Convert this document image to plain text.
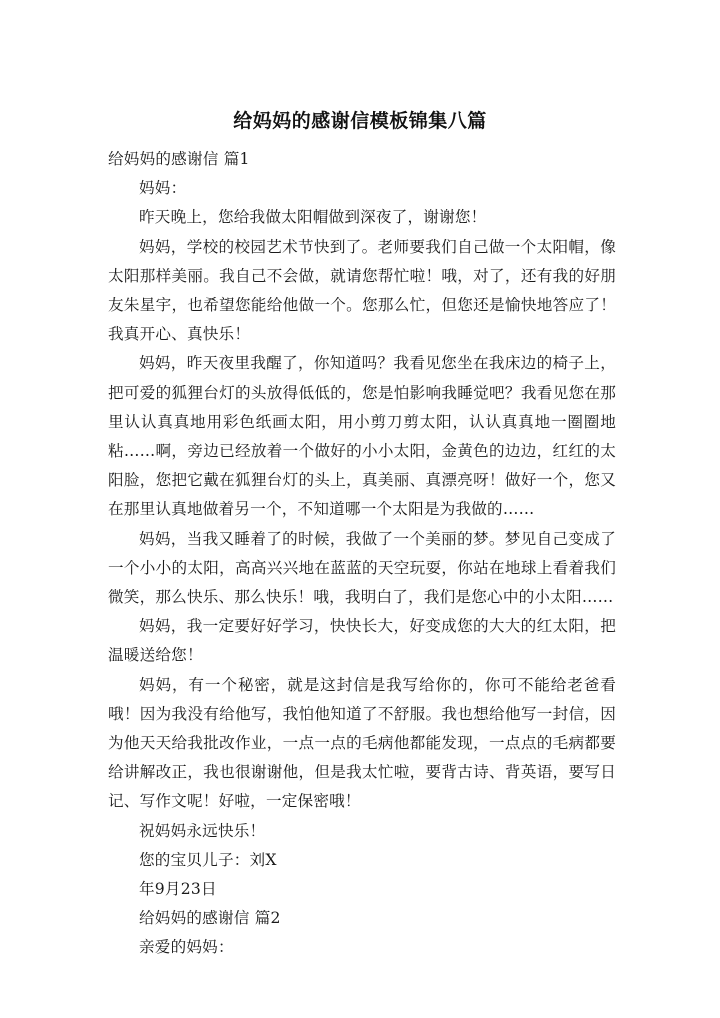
给妈妈的感谢信模板锦集八篇
给妈妈的感谢信 篇1
妈妈：

昨天晚上，您给我做太阳帽做到深夜了，谢谢您！

妈妈，学校的校园艺术节快到了。老师要我们自己做一个太阳帽，像太阳那样美丽。我自己不会做，就请您帮忙啦！哦，对了，还有我的好朋友朱星宇，也希望您能给他做一个。您那么忙，但您还是愉快地答应了！我真开心、真快乐！

妈妈，昨天夜里我醒了，你知道吗？我看见您坐在我床边的椅子上，把可爱的狐狸台灯的头放得低低的，您是怕影响我睡觉吧？我看见您在那里认认真真地用彩色纸画太阳，用小剪刀剪太阳，认认真真地一圈圈地粘……啊，旁边已经放着一个做好的小小太阳，金黄色的边边，红红的太阳脸，您把它戴在狐狸台灯的头上，真美丽、真漂亮呀！做好一个，您又在那里认真地做着另一个，不知道哪一个太阳是为我做的……

妈妈，当我又睡着了的时候，我做了一个美丽的梦。梦见自己变成了一个小小的太阳，高高兴兴地在蓝蓝的天空玩耍，你站在地球上看着我们微笑，那么快乐、那么快乐！哦，我明白了，我们是您心中的小太阳……

妈妈，我一定要好好学习，快快长大，好变成您的大大的红太阳，把温暖送给您！

妈妈，有一个秘密，就是这封信是我写给你的，你可不能给老爸看哦！因为我没有给他写，我怕他知道了不舒服。我也想给他写一封信，因为他天天给我批改作业，一点一点的毛病他都能发现，一点点的毛病都要给讲解改正，我也很谢谢他，但是我太忙啦，要背古诗、背英语，要写日记、写作文呢！好啦，一定保密哦！

祝妈妈永远快乐！
您的宝贝儿子：刘X
年9月23日
给妈妈的感谢信 篇2
亲爱的妈妈：
